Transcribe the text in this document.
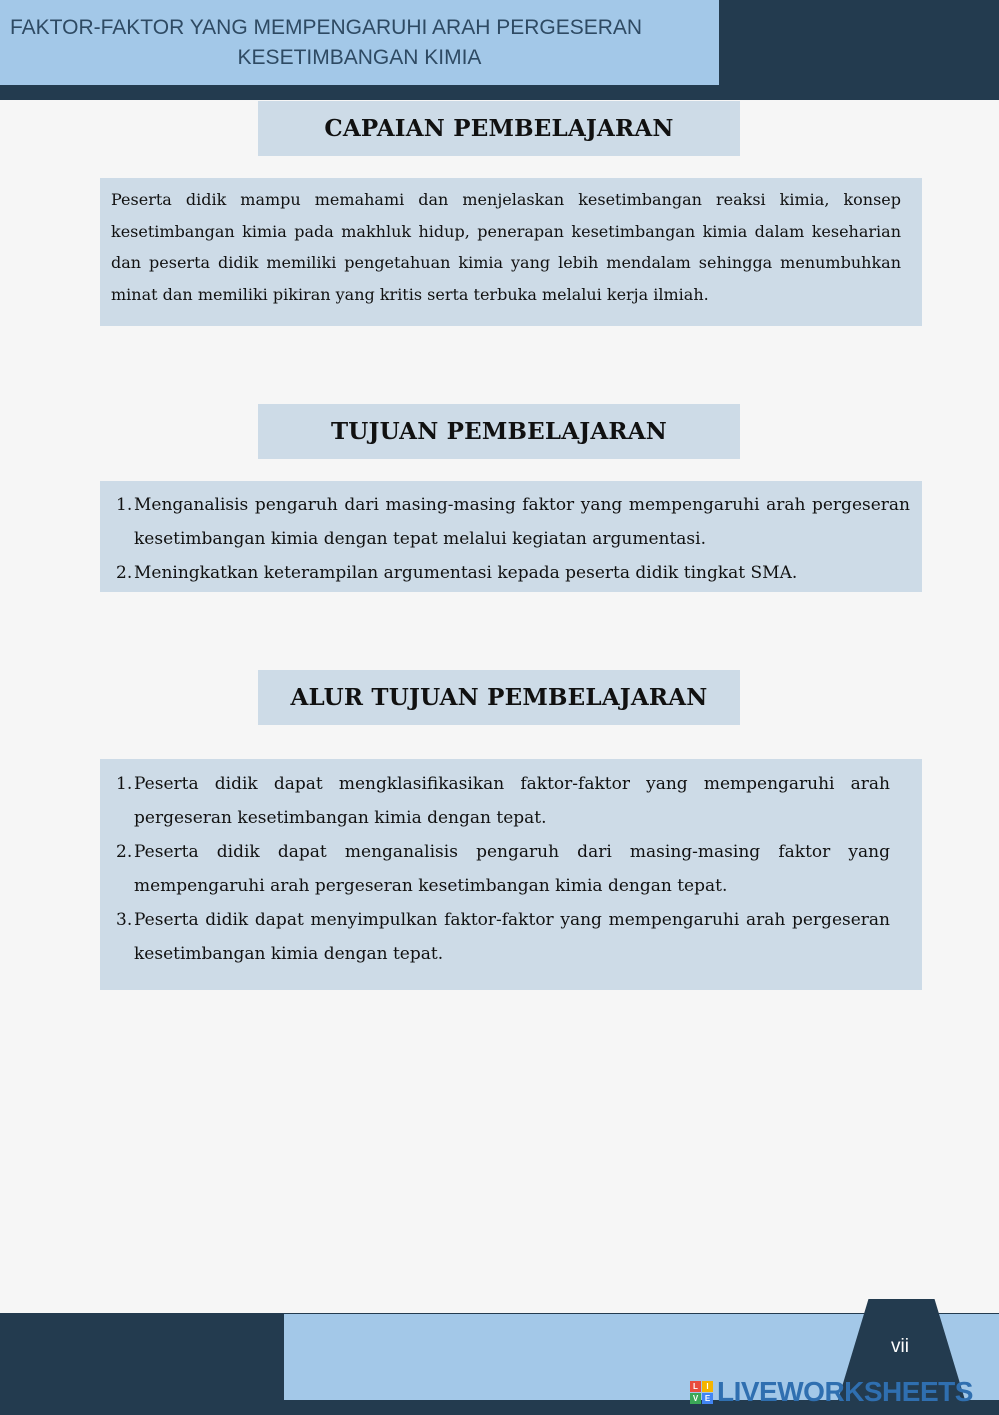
FAKTOR-FAKTOR YANG MEMPENGARUHI ARAH PERGESERAN
KESETIMBANGAN KIMIA
CAPAIAN PEMBELAJARAN
Peserta didik mampu memahami dan menjelaskan kesetimbangan reaksi kimia, konsep kesetimbangan kimia pada makhluk hidup, penerapan kesetimbangan kimia dalam keseharian dan peserta didik memiliki pengetahuan kimia yang lebih mendalam sehingga menumbuhkan minat dan memiliki pikiran yang kritis serta terbuka melalui kerja ilmiah.
TUJUAN PEMBELAJARAN
1. Menganalisis pengaruh dari masing-masing faktor yang mempengaruhi arah pergeseran kesetimbangan kimia dengan tepat melalui kegiatan argumentasi.
2. Meningkatkan keterampilan argumentasi kepada peserta didik tingkat SMA.
ALUR TUJUAN PEMBELAJARAN
1. Peserta didik dapat mengklasifikasikan faktor-faktor yang mempengaruhi arah pergeseran kesetimbangan kimia dengan tepat.
2. Peserta didik dapat menganalisis pengaruh dari masing-masing faktor yang mempengaruhi arah pergeseran kesetimbangan kimia dengan tepat.
3. Peserta didik dapat menyimpulkan faktor-faktor yang mempengaruhi arah pergeseran kesetimbangan kimia dengan tepat.
vii
L	I
V E LIVEWORKSHEETS
